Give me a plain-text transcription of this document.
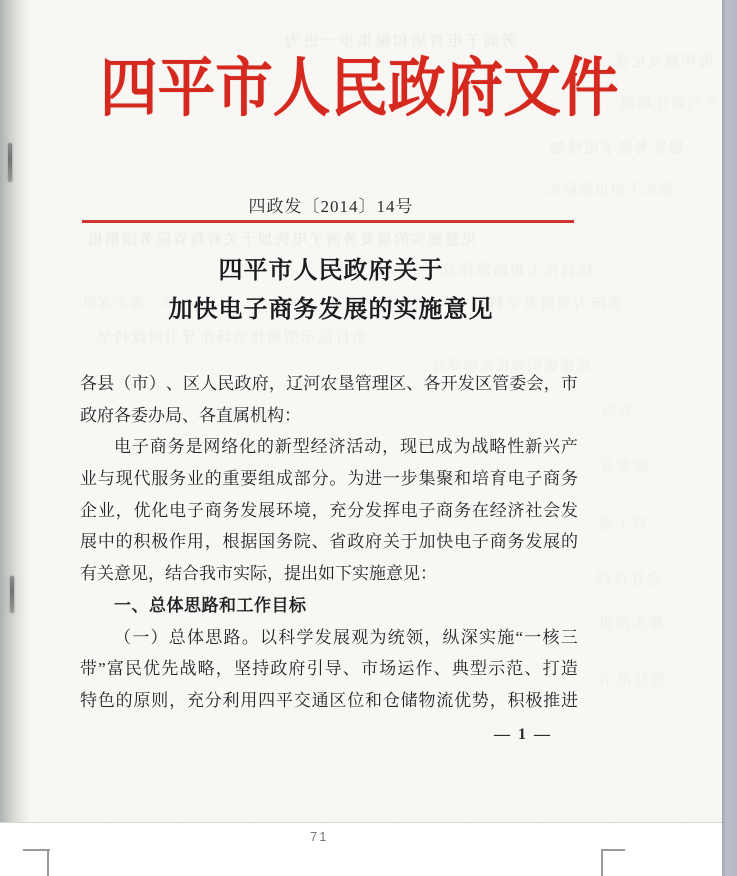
务商子电育培和聚集步一进为
境环展发化优
业产兴新性略战
展发务商子电快加
施实下如出提际实
见意施实的展发务商子电快加于关府政省院务国据根
标目作工和路思体总
核一施实深纵	领统为观展发学科以
造打范示型典作运场市导引府政持坚
进推极积势优流物储仓
务电
展发业
商子电
会社济经
施实深纵
造打范示
四平市人民政府文件
四政发〔2014〕14号
四平市人民政府关于
加快电子商务发展的实施意见
各 县 （ 市 ） 、 区 人 民 政 府 ， 辽 河 农 垦 管 理 区 、 各 开 发 区 管 委 会 ， 市
政府各委办局、各直属机构：
电 子 商 务 是 网 络 化 的 新 型 经 济 活 动 ， 现 已 成 为 战 略 性 新 兴 产
业 与 现 代 服 务 业 的 重 要 组 成 部 分 。 为 进 一 步 集 聚 和 培 育 电 子 商 务
企 业 ， 优 化 电 子 商 务 发 展 环 境 ， 充 分 发 挥 电 子 商 务 在 经 济 社 会 发
展 中 的 积 极 作 用 ， 根 据 国 务 院 、 省 政 府 关 于 加 快 电 子 商 务 发 展 的
有关意见，结合我市实际，提出如下实施意见：
一、总体思路和工作目标
（ 一 ） 总 体 思 路 。 以 科 学 发 展 观 为 统 领 ， 纵 深 实 施 “ 一 核 三
带 ” 富 民 优 先 战 略 ， 坚 持 政 府 引 导 、 市 场 运 作 、 典 型 示 范 、 打 造
特 色 的 原 则 ， 充 分 利 用 四 平 交 通 区 位 和 仓 储 物 流 优 势 ， 积 极 推 进
— 1 —
71
